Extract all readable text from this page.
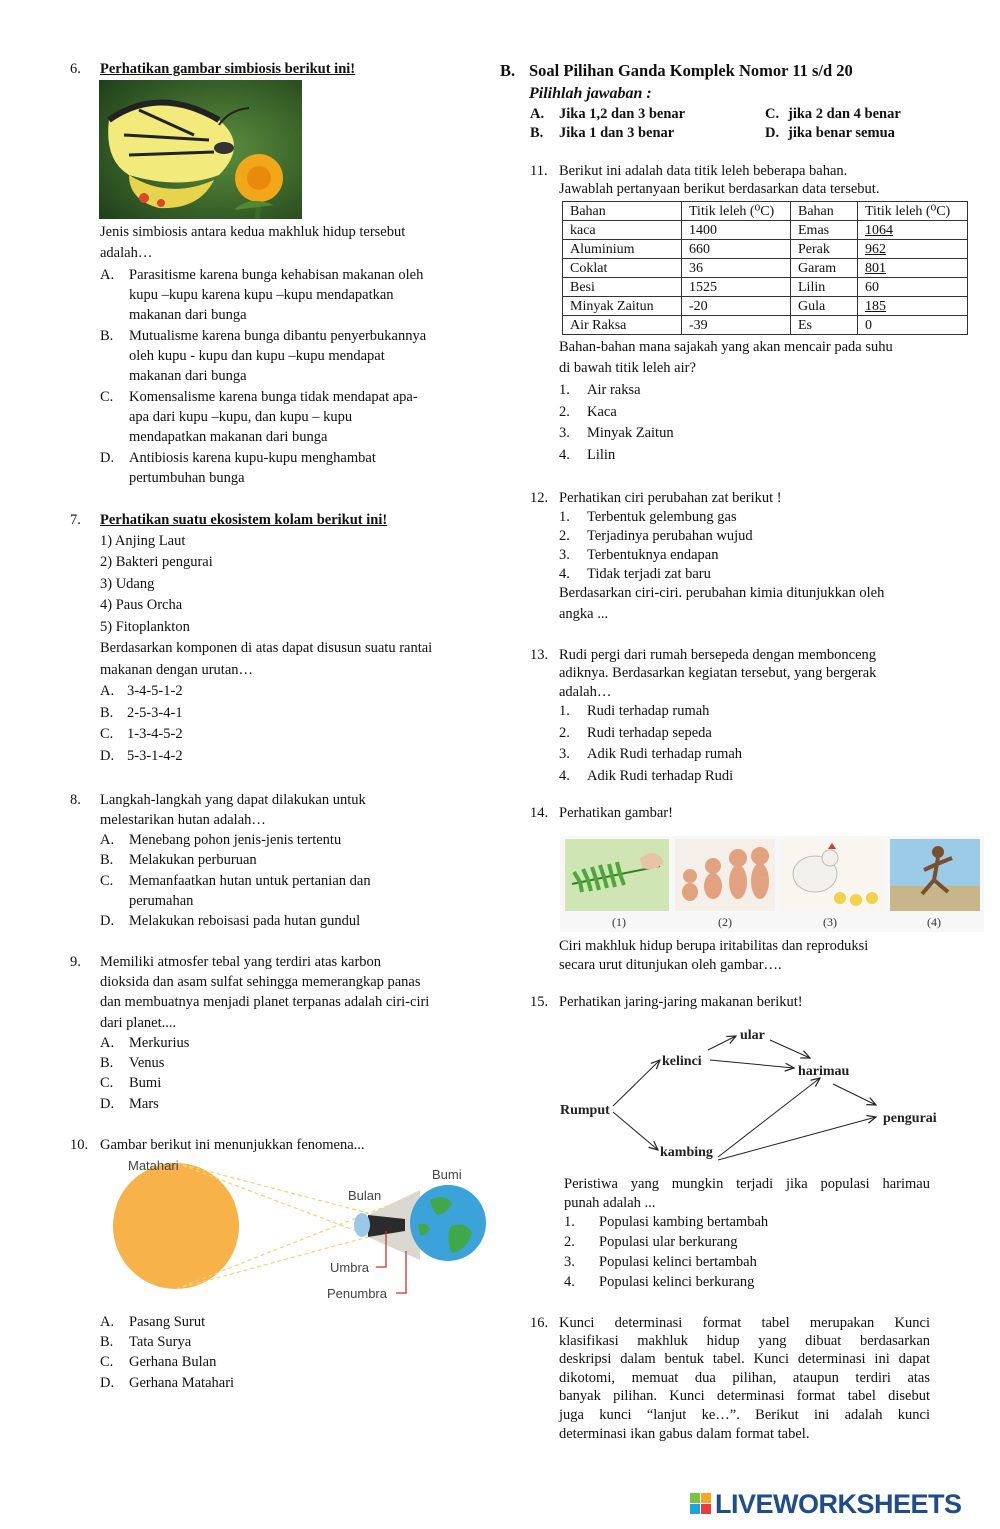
6. Perhatikan gambar simbiosis berikut ini!
Jenis simbiosis antara kedua makhluk hidup tersebut
adalah…
A. Parasitisme karena bunga kehabisan makanan oleh
kupu –kupu karena kupu –kupu mendapatkan
makanan dari bunga
B. Mutualisme karena bunga dibantu penyerbukannya
oleh kupu - kupu dan kupu –kupu mendapat
makanan dari bunga
C. Komensalisme karena bunga tidak mendapat apa-
apa dari kupu –kupu, dan kupu – kupu
mendapatkan makanan dari bunga
D. Antibiosis karena kupu-kupu menghambat
pertumbuhan bunga
7. Perhatikan suatu ekosistem kolam berikut ini!
1) Anjing Laut
2) Bakteri pengurai
3) Udang
4) Paus Orcha
5) Fitoplankton
Berdasarkan komponen di atas dapat disusun suatu rantai
makanan dengan urutan…
A. 3-4-5-1-2
B. 2-5-3-4-1
C. 1-3-4-5-2
D. 5-3-1-4-2
8. Langkah-langkah yang dapat dilakukan untuk
melestarikan hutan adalah…
A. Menebang pohon jenis-jenis tertentu
B. Melakukan perburuan
C. Memanfaatkan hutan untuk pertanian dan
perumahan
D. Melakukan reboisasi pada hutan gundul
9. Memiliki atmosfer tebal yang terdiri atas karbon
dioksida dan asam sulfat sehingga memerangkap panas
dan membuatnya menjadi planet terpanas adalah ciri-ciri
dari planet....
A. Merkurius
B. Venus
C. Bumi
D. Mars
10. Gambar berikut ini menunjukkan fenomena...
Matahari
Bumi
Bulan
Umbra
Penumbra
A. Pasang Surut
B. Tata Surya
C. Gerhana Bulan
D. Gerhana Matahari
B. Soal Pilihan Ganda Komplek Nomor 11 s/d 20
Pilihlah jawaban :
A. Jika 1,2 dan 3 benar	C. jika 2 dan 4 benar
B. Jika 1 dan 3 benar	D. jika benar semua
11. Berikut ini adalah data titik leleh beberapa bahan.
Jawablah pertanyaan berikut berdasarkan data tersebut.
Bahan	Titik leleh (⁰C)	Bahan	Titik leleh (⁰C)
kaca	1400	Emas	1064
Aluminium	660	Perak	962
Coklat	36	Garam	801
Besi	1525	Lilin	60
Minyak Zaitun	-20	Gula	185
Air Raksa	-39	Es	0
Bahan-bahan mana sajakah yang akan mencair pada suhu
di bawah titik leleh air?
1. Air raksa
2. Kaca
3. Minyak Zaitun
4. Lilin
12. Perhatikan ciri perubahan zat berikut !
1. Terbentuk gelembung gas
2. Terjadinya perubahan wujud
3. Terbentuknya endapan
4. Tidak terjadi zat baru
Berdasarkan ciri-ciri. perubahan kimia ditunjukkan oleh
angka ...
13. Rudi pergi dari rumah bersepeda dengan membonceng
adiknya. Berdasarkan kegiatan tersebut, yang bergerak
adalah…
1. Rudi terhadap rumah
2. Rudi terhadap sepeda
3. Adik Rudi terhadap rumah
4. Adik Rudi terhadap Rudi
14. Perhatikan gambar!
(1)	(2)	(3)	(4)
Ciri makhluk hidup berupa iritabilitas dan reproduksi
secara urut ditunjukan oleh gambar….
15. Perhatikan jaring-jaring makanan berikut!
Rumput
kelinci
ular
harimau
pengurai
kambing
Peristiwa yang mungkin terjadi jika populasi harimau
punah adalah ...
1. Populasi kambing bertambah
2. Populasi ular berkurang
3. Populasi kelinci bertambah
4. Populasi kelinci berkurang
16. Kunci determinasi format tabel merupakan Kunci
klasifikasi makhluk hidup yang dibuat berdasarkan
deskripsi dalam bentuk tabel. Kunci determinasi ini dapat
dikotomi, memuat dua pilihan, ataupun terdiri atas
banyak pilihan. Kunci determinasi format tabel disebut
juga kunci “lanjut ke…”. Berikut ini adalah kunci
determinasi ikan gabus dalam format tabel.
LIVEWORKSHEETS
